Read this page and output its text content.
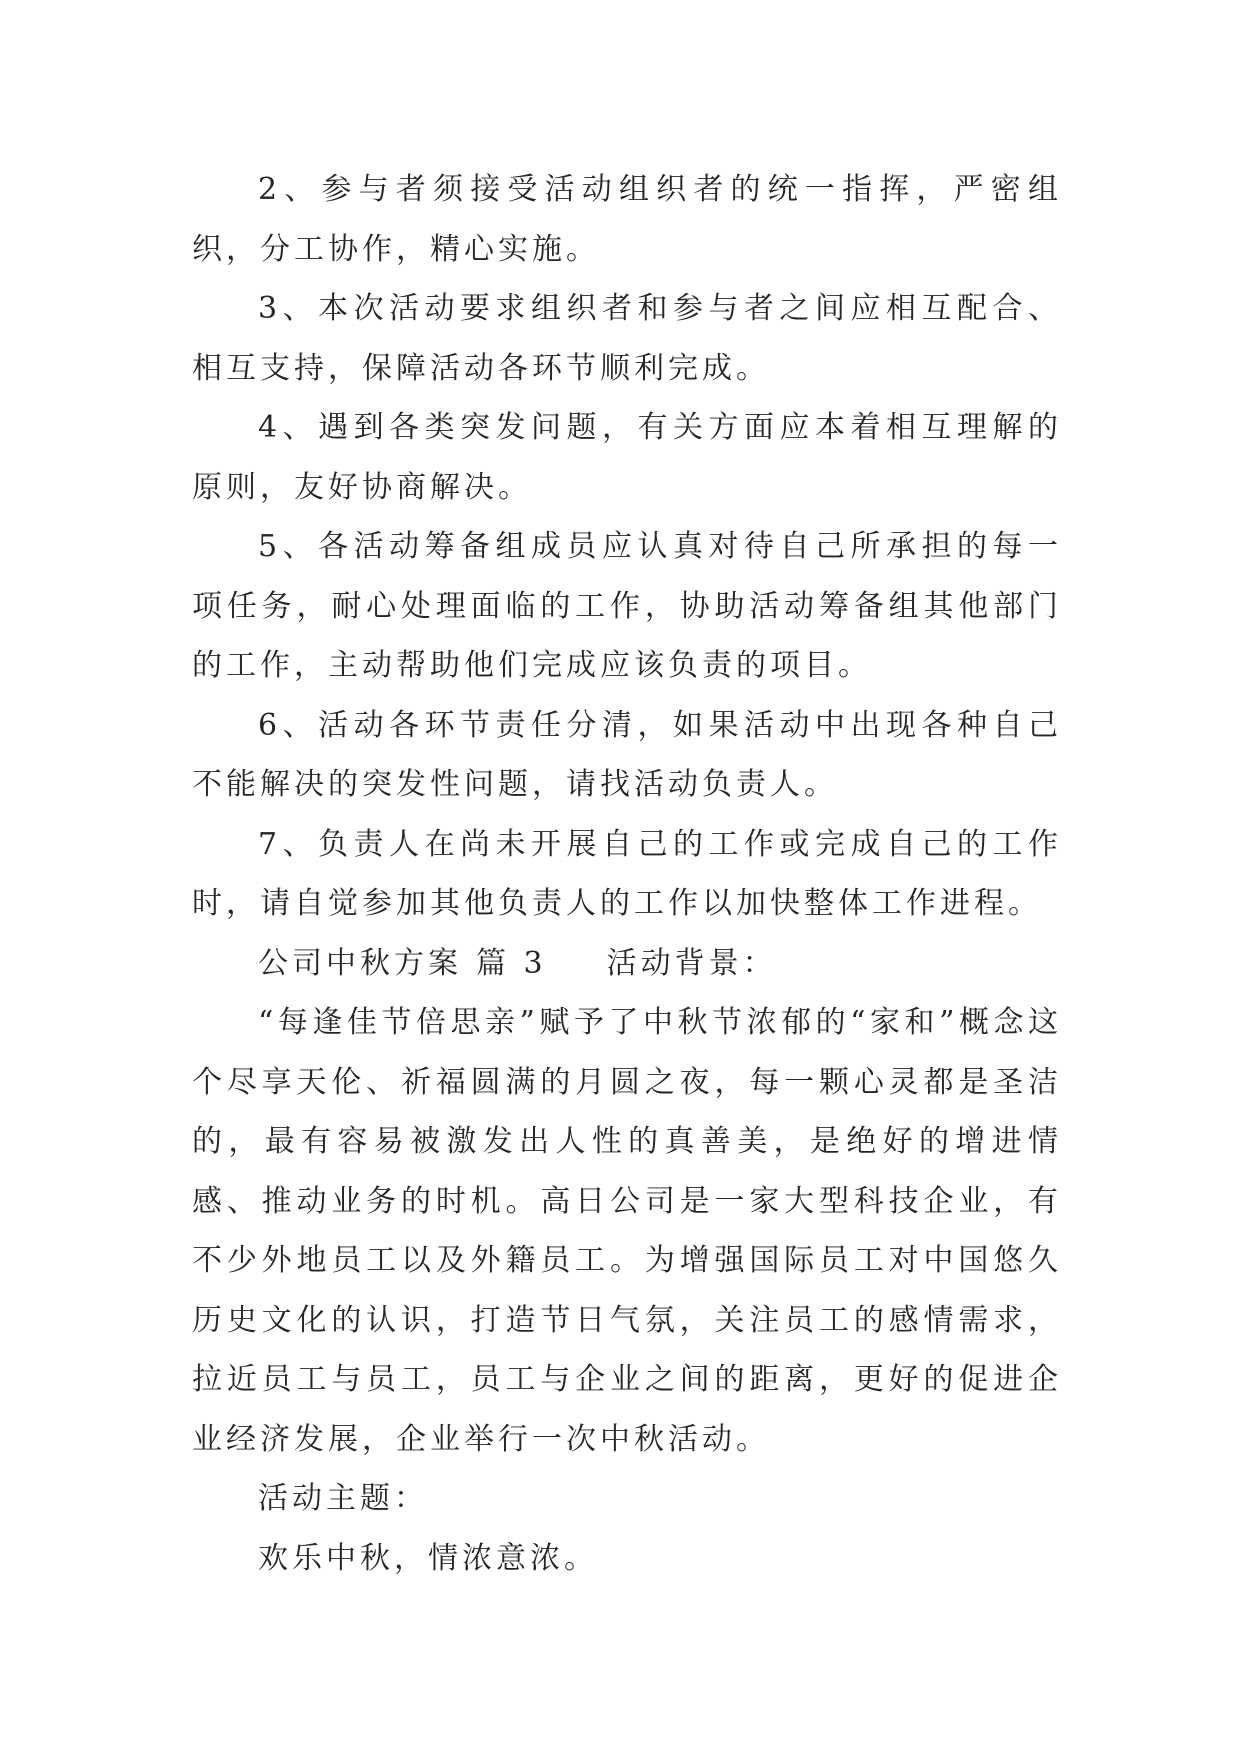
2、参与者须接受活动组织者的统一指挥，严密组织，分工协作，精心实施。

3、本次活动要求组织者和参与者之间应相互配合、相互支持，保障活动各环节顺利完成。

4、遇到各类突发问题，有关方面应本着相互理解的原则，友好协商解决。

5、各活动筹备组成员应认真对待自己所承担的每一项任务，耐心处理面临的工作，协助活动筹备组其他部门的工作，主动帮助他们完成应该负责的项目。

6、活动各环节责任分清，如果活动中出现各种自己不能解决的突发性问题，请找活动负责人。

7、负责人在尚未开展自己的工作或完成自己的工作时，请自觉参加其他负责人的工作以加快整体工作进程。

公司中秋方案 篇 3 活动背景：

“每逢佳节倍思亲”赋予了中秋节浓郁的“家和”概念这个尽享天伦、祈福圆满的月圆之夜，每一颗心灵都是圣洁的，最有容易被激发出人性的真善美，是绝好的增进情感、推动业务的时机。高日公司是一家大型科技企业，有不少外地员工以及外籍员工。为增强国际员工对中国悠久历史文化的认识，打造节日气氛，关注员工的感情需求，拉近员工与员工，员工与企业之间的距离，更好的促进企业经济发展，企业举行一次中秋活动。

活动主题：

欢乐中秋，情浓意浓。
